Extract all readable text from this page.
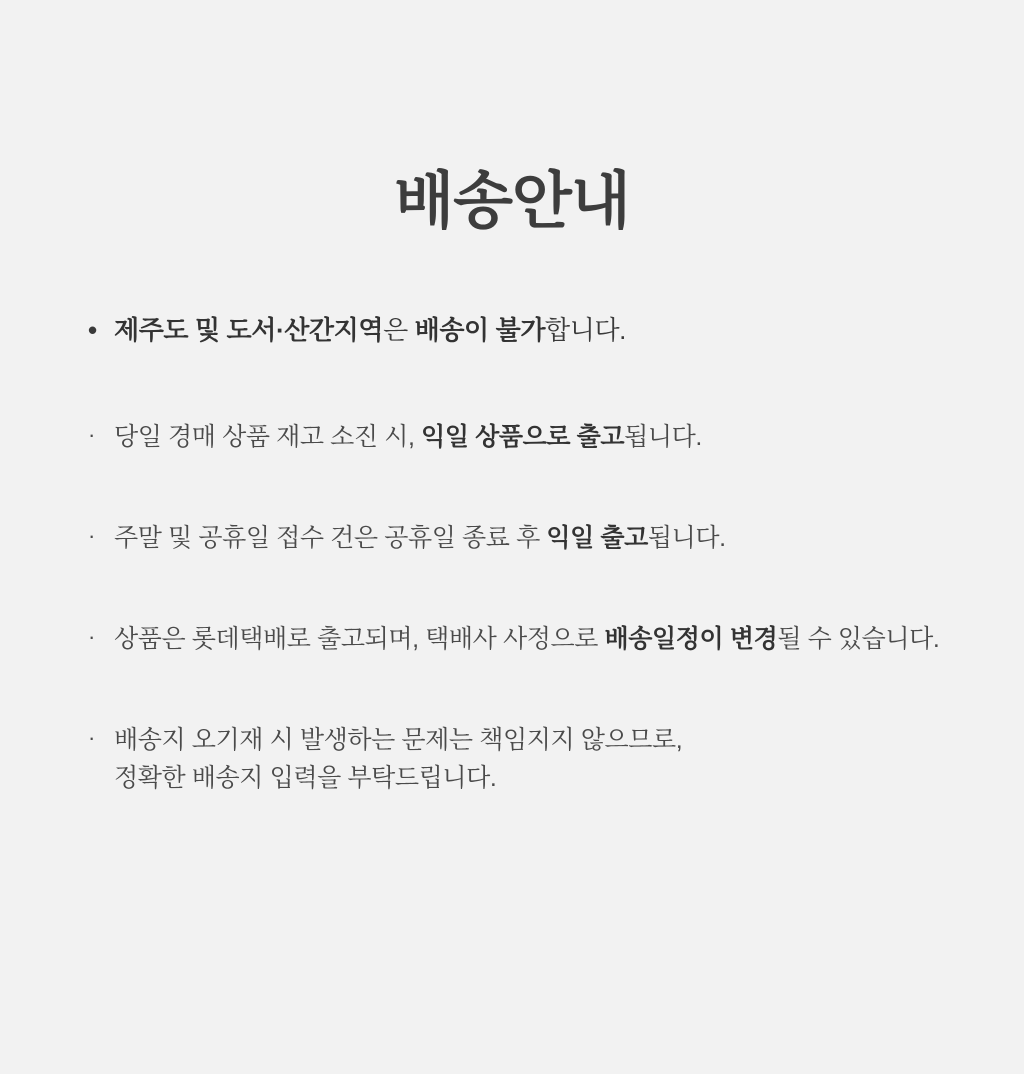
배송안내
• 제주도 및 도서·산간지역은 배송이 불가합니다.
· 당일 경매 상품 재고 소진 시, 익일 상품으로 출고됩니다.
· 주말 및 공휴일 접수 건은 공휴일 종료 후 익일 출고됩니다.
· 상품은 롯데택배로 출고되며, 택배사 사정으로 배송일정이 변경될 수 있습니다.
· 배송지 오기재 시 발생하는 문제는 책임지지 않으므로,
정확한 배송지 입력을 부탁드립니다.
